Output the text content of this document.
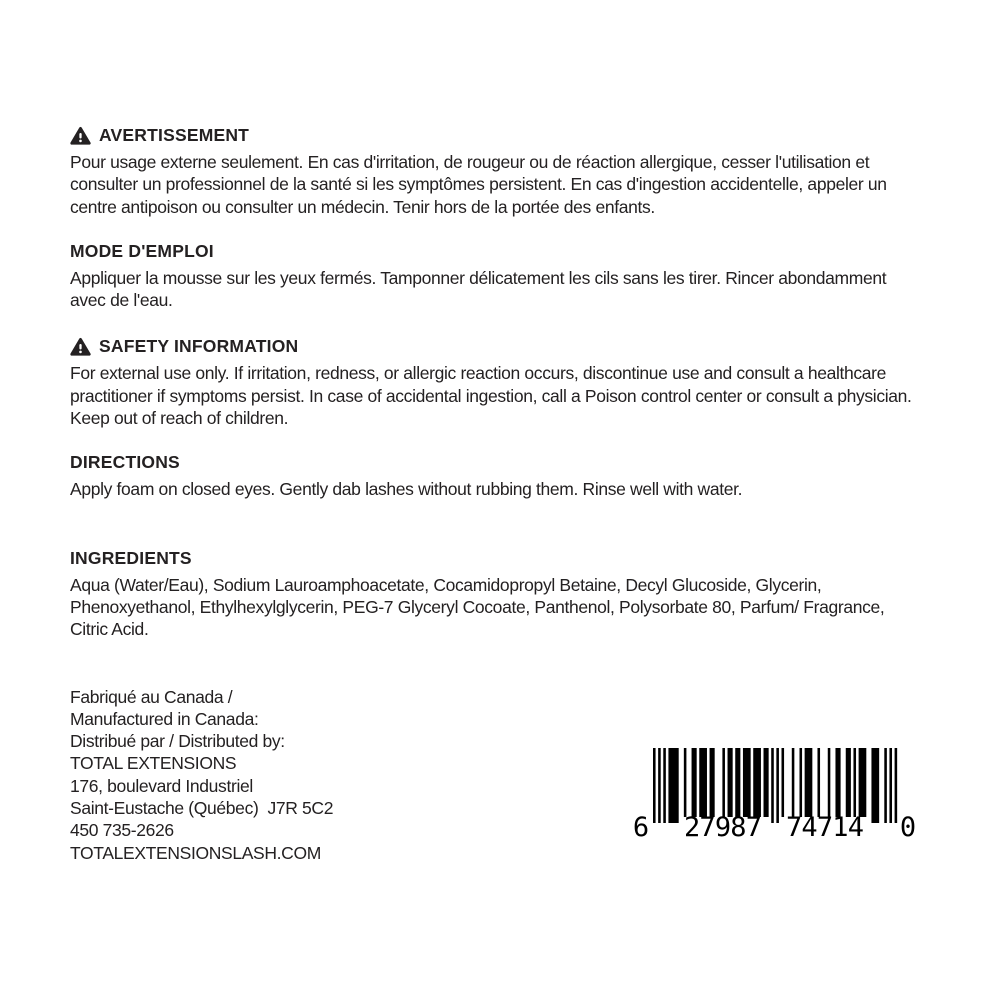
AVERTISSEMENT
Pour usage externe seulement. En cas d'irritation, de rougeur ou de réaction allergique, cesser l'utilisation et consulter un professionnel de la santé si les symptômes persistent. En cas d'ingestion accidentelle, appeler un centre antipoison ou consulter un médecin. Tenir hors de la portée des enfants.
MODE D'EMPLOI
Appliquer la mousse sur les yeux fermés. Tamponner délicatement les cils sans les tirer. Rincer abondamment avec de l'eau.
SAFETY INFORMATION
For external use only. If irritation, redness, or allergic reaction occurs, discontinue use and consult a healthcare practitioner if symptoms persist. In case of accidental ingestion, call a Poison control center or consult a physician. Keep out of reach of children.
DIRECTIONS
Apply foam on closed eyes. Gently dab lashes without rubbing them. Rinse well with water.
INGREDIENTS
Aqua (Water/Eau), Sodium Lauroamphoacetate, Cocamidopropyl Betaine, Decyl Glucoside, Glycerin, Phenoxyethanol, Ethylhexylglycerin, PEG-7 Glyceryl Cocoate, Panthenol, Polysorbate 80, Parfum/ Fragrance, Citric Acid.
Fabriqué au Canada /
Manufactured in Canada:
Distribué par / Distributed by:
TOTAL EXTENSIONS
176, boulevard Industriel
Saint-Eustache (Québec)  J7R 5C2
450 735-2626
TOTALEXTENSIONSLASH.COM
6 27987 74714 0
